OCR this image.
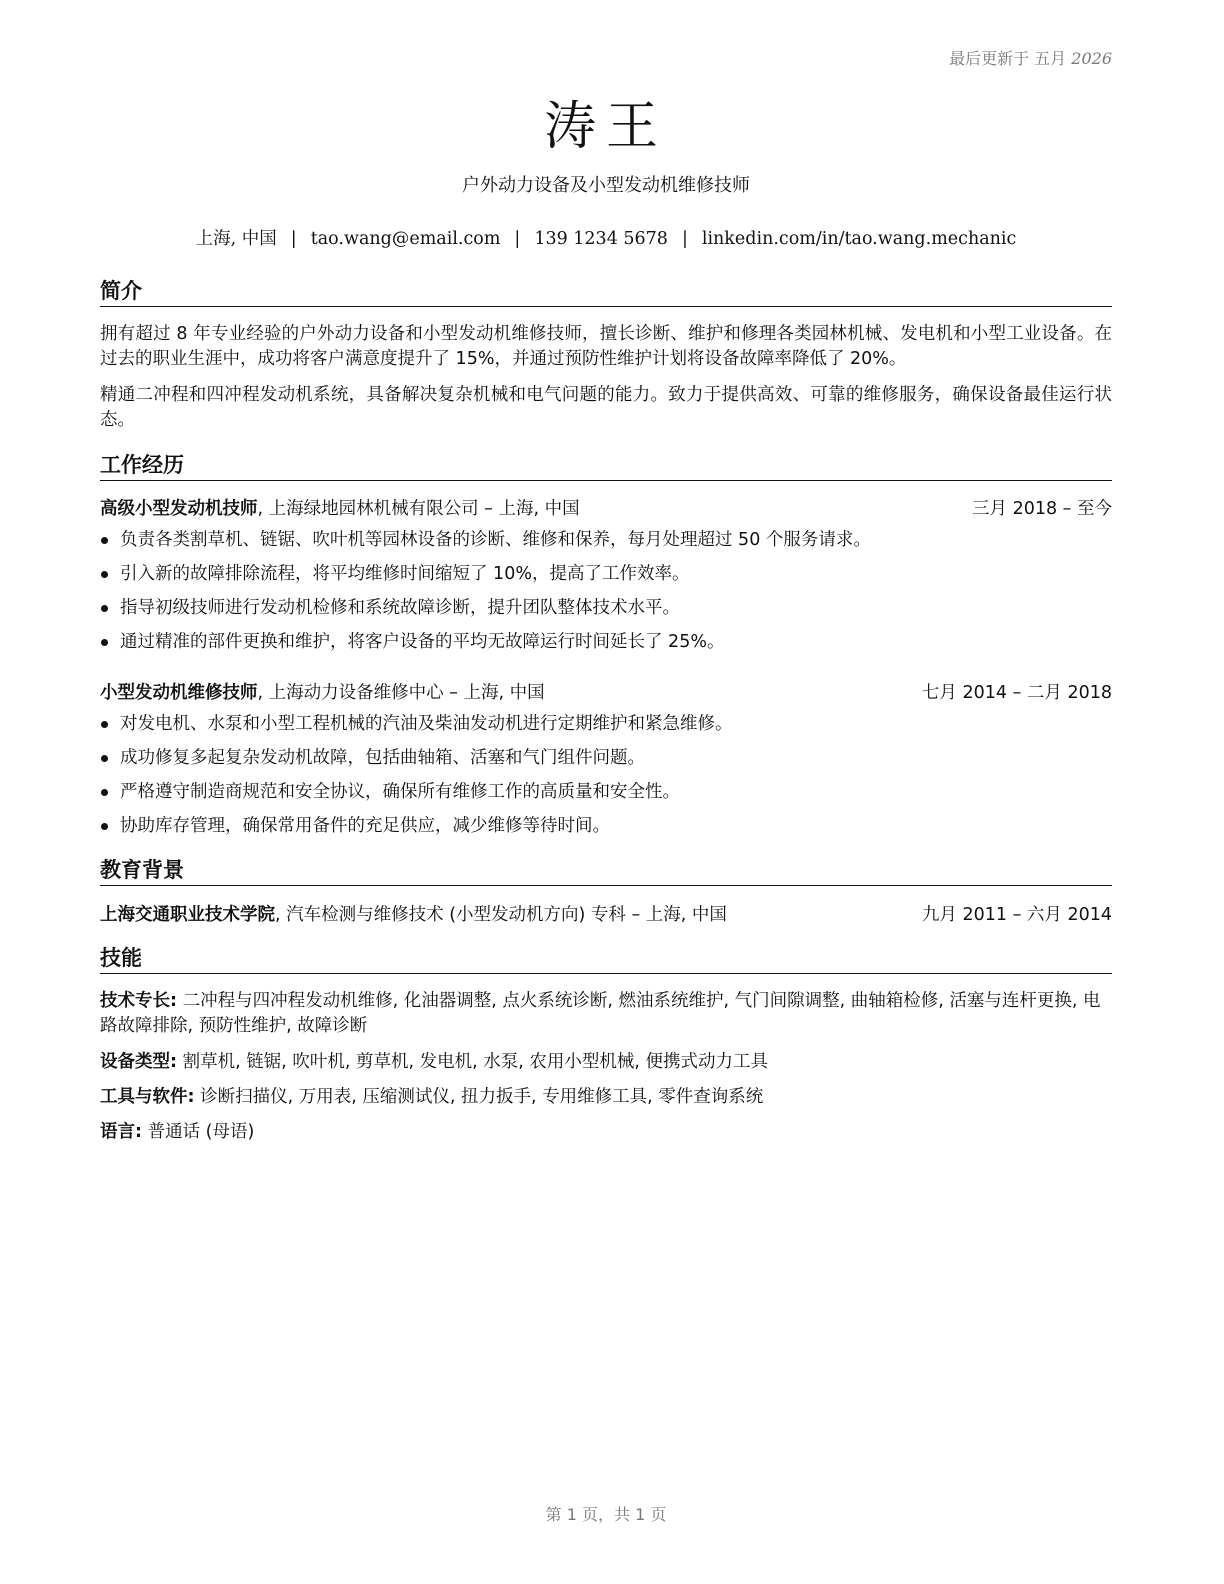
最后更新于 五月 2026
涛王
户外动力设备及小型发动机维修技师
上海, 中国 | tao.wang@email.com | 139 1234 5678 | linkedin.com/in/tao.wang.mechanic
简介
拥有超过 8 年专业经验的户外动力设备和小型发动机维修技师，擅长诊断、维护和修理各类园林机械、发电机和小型工业设备。在过去的职业生涯中，成功将客户满意度提升了 15%，并通过预防性维护计划将设备故障率降低了 20%。
精通二冲程和四冲程发动机系统，具备解决复杂机械和电气问题的能力。致力于提供高效、可靠的维修服务，确保设备最佳运行状态。
工作经历
高级小型发动机技师, 上海绿地园林机械有限公司 – 上海, 中国	三月 2018 – 至今
负责各类割草机、链锯、吹叶机等园林设备的诊断、维修和保养，每月处理超过 50 个服务请求。
引入新的故障排除流程，将平均维修时间缩短了 10%，提高了工作效率。
指导初级技师进行发动机检修和系统故障诊断，提升团队整体技术水平。
通过精准的部件更换和维护，将客户设备的平均无故障运行时间延长了 25%。
小型发动机维修技师, 上海动力设备维修中心 – 上海, 中国	七月 2014 – 二月 2018
对发电机、水泵和小型工程机械的汽油及柴油发动机进行定期维护和紧急维修。
成功修复多起复杂发动机故障，包括曲轴箱、活塞和气门组件问题。
严格遵守制造商规范和安全协议，确保所有维修工作的高质量和安全性。
协助库存管理，确保常用备件的充足供应，减少维修等待时间。
教育背景
上海交通职业技术学院, 汽车检测与维修技术 (小型发动机方向) 专科 – 上海, 中国	九月 2011 – 六月 2014
技能
技术专长: 二冲程与四冲程发动机维修, 化油器调整, 点火系统诊断, 燃油系统维护, 气门间隙调整, 曲轴箱检修, 活塞与连杆更换, 电路故障排除, 预防性维护, 故障诊断
设备类型: 割草机, 链锯, 吹叶机, 剪草机, 发电机, 水泵, 农用小型机械, 便携式动力工具
工具与软件: 诊断扫描仪, 万用表, 压缩测试仪, 扭力扳手, 专用维修工具, 零件查询系统
语言: 普通话 (母语)
第 1 页，共 1 页
